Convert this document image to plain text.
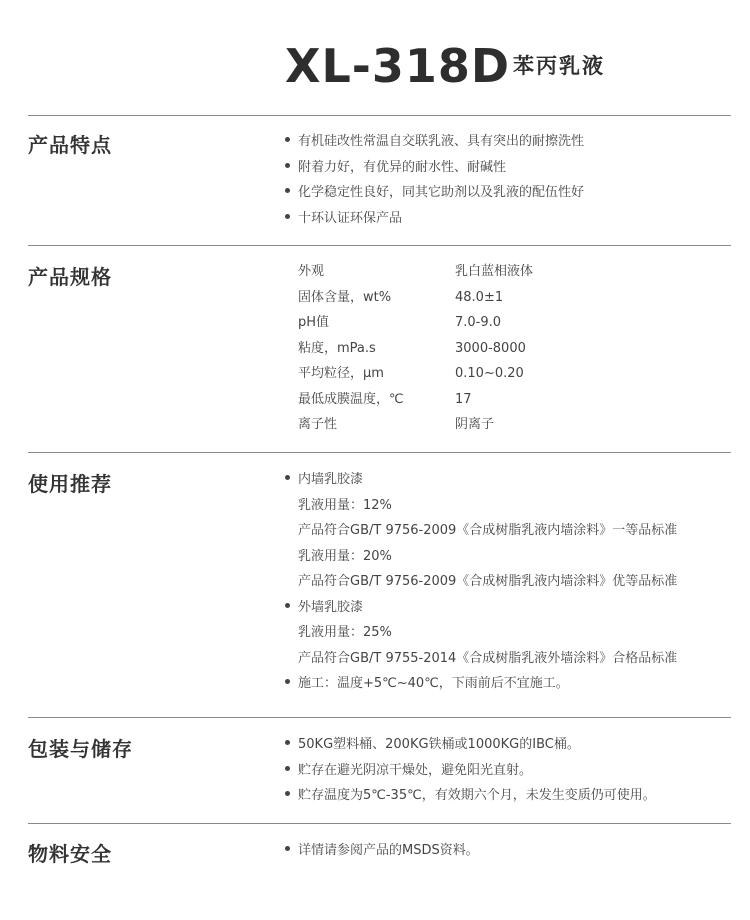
XL-318D 苯丙乳液
产品特点	有机硅改性常温自交联乳液、具有突出的耐擦洗性
附着力好，有优异的耐水性、耐碱性
化学稳定性良好，同其它助剂以及乳液的配伍性好
十环认证环保产品
产品规格	外观	乳白蓝相液体
固体含量，wt%	48.0±1
pH值	7.0-9.0
粘度，mPa.s	3000-8000
平均粒径，μm	0.10~0.20
最低成膜温度，℃	17
离子性	阴离子
使用推荐	内墙乳胶漆
乳液用量：12%
产品符合GB/T 9756-2009《合成树脂乳液内墙涂料》一等品标准
乳液用量：20%
产品符合GB/T 9756-2009《合成树脂乳液内墙涂料》优等品标准
外墙乳胶漆
乳液用量：25%
产品符合GB/T 9755-2014《合成树脂乳液外墙涂料》合格品标准
施工：温度+5℃~40℃，下雨前后不宜施工。
包装与储存	50KG塑料桶、200KG铁桶或1000KG的IBC桶。
贮存在避光阴凉干燥处，避免阳光直射。
贮存温度为5℃-35℃，有效期六个月，未发生变质仍可使用。
物料安全	详情请参阅产品的MSDS资料。
